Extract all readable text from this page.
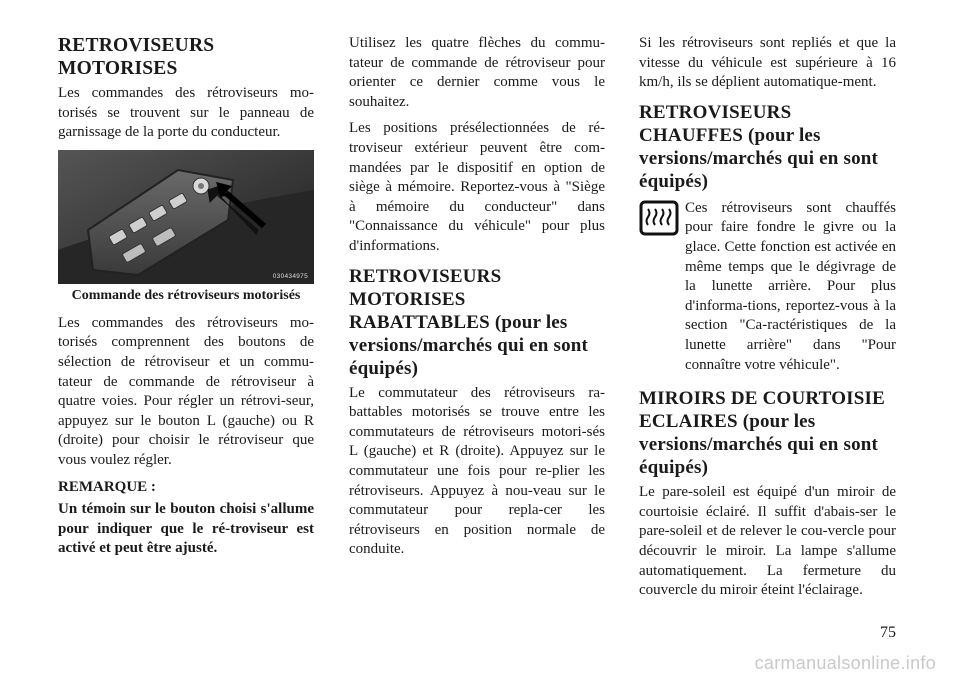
RETROVISEURS
MOTORISES

Les commandes des rétroviseurs mo-torisés se trouvent sur le panneau de garnissage de la porte du conducteur.

030434975
Commande des rétroviseurs motorisés

Les commandes des rétroviseurs mo-torisés comprennent des boutons de sélection de rétroviseur et un commu-tateur de commande de rétroviseur à quatre voies. Pour régler un rétrovi-seur, appuyez sur le bouton L (gauche) ou R (droite) pour choisir le rétroviseur que vous voulez régler.

REMARQUE :

Un témoin sur le bouton choisi s'allume pour indiquer que le ré-troviseur est activé et peut être ajusté.

Utilisez les quatre flèches du commu-tateur de commande de rétroviseur pour orienter ce dernier comme vous le souhaitez.

Les positions présélectionnées de ré-troviseur extérieur peuvent être com-mandées par le dispositif en option de siège à mémoire. Reportez-vous à "Siège à mémoire du conducteur" dans "Connaissance du véhicule" pour plus d'informations.

RETROVISEURS MOTORISES RABATTABLES (pour les versions/marchés qui en sont équipés)

Le commutateur des rétroviseurs ra-battables motorisés se trouve entre les commutateurs de rétroviseurs motori-sés L (gauche) et R (droite). Appuyez sur le commutateur une fois pour re-plier les rétroviseurs. Appuyez à nou-veau sur le commutateur pour repla-cer les rétroviseurs en position normale de conduite.

Si les rétroviseurs sont repliés et que la vitesse du véhicule est supérieure à 16 km/h, ils se déplient automatique-ment.

RETROVISEURS CHAUFFES (pour les versions/marchés qui en sont équipés)
Ces rétroviseurs sont chauffés pour faire fondre le givre ou la glace. Cette fonction est activée en même temps que le dégivrage de la lunette arrière. Pour plus d'informa-tions, reportez-vous à la section "Ca-ractéristiques de la lunette arrière" dans "Pour connaître votre véhicule".
MIROIRS DE COURTOISIE ECLAIRES (pour les versions/marchés qui en sont équipés)

Le pare-soleil est équipé d'un miroir de courtoisie éclairé. Il suffit d'abais-ser le pare-soleil et de relever le cou-vercle pour découvrir le miroir. La lampe s'allume automatiquement. La fermeture du couvercle du miroir éteint l'éclairage.

75
carmanualsonline.info
